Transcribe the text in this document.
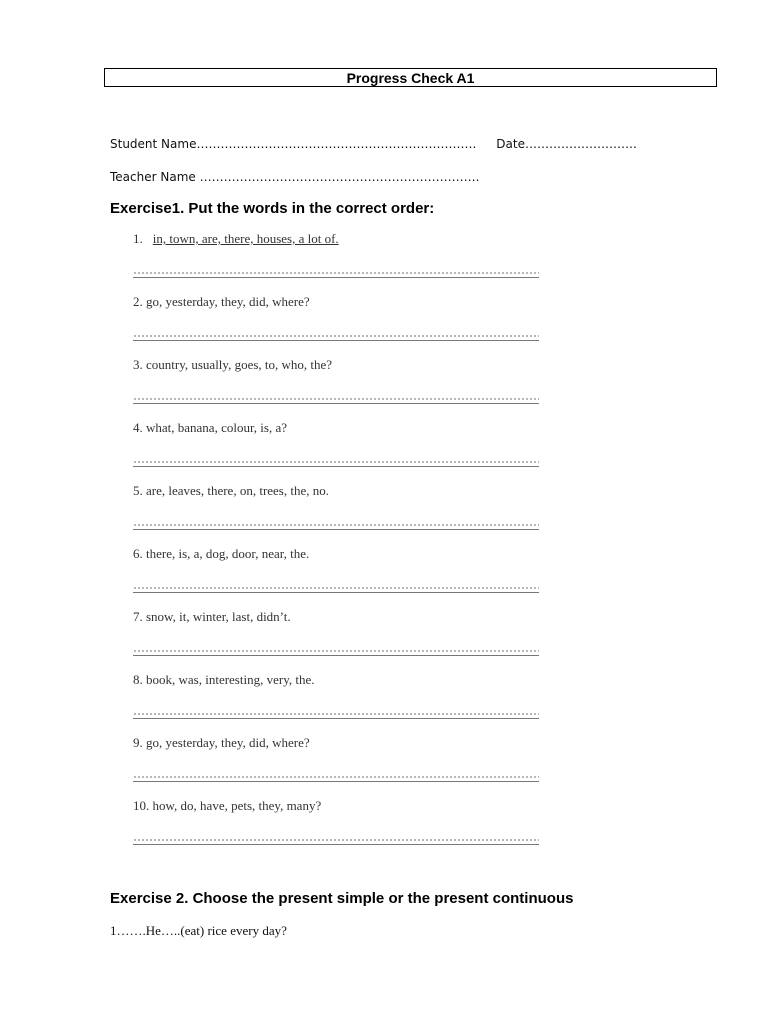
Progress Check A1
Student Name……………………………………………………………. Date……………………….
Teacher Name …………………………………………………………….
Exercise1. Put the words in the correct order:
1. in, town, are, there, houses, a lot of.
2. go, yesterday, they, did, where?
3. country, usually, goes, to, who, the?
4. what, banana, colour, is, a?
5. are, leaves, there, on, trees, the, no.
6. there, is, a, dog, door, near, the.
7. snow, it, winter, last, didn’t.
8. book, was, interesting, very, the.
9. go, yesterday, they, did, where?
10. how, do, have, pets, they, many?
Exercise 2. Choose the present simple or the present continuous
1…….He…..(eat) rice every day?
